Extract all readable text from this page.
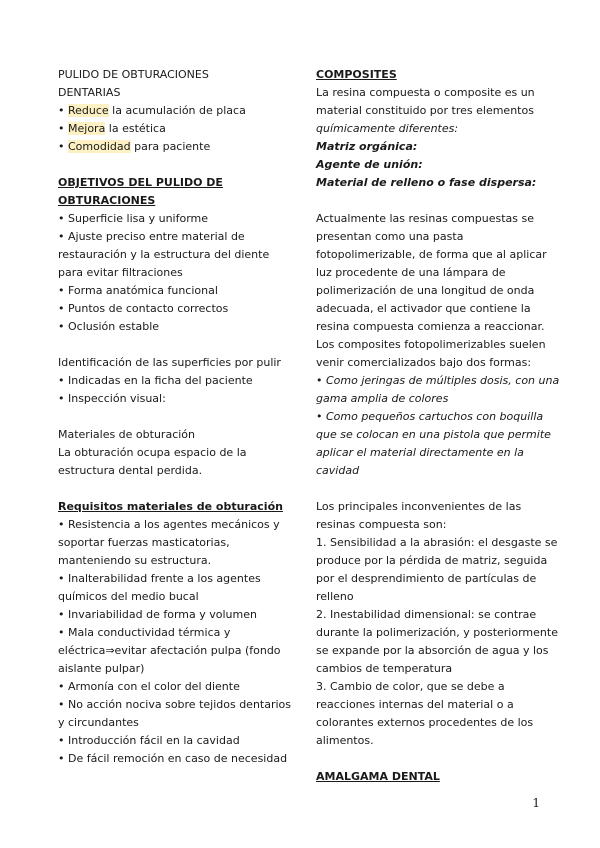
PULIDO DE OBTURACIONES
DENTARIAS
• Reduce la acumulación de placa
• Mejora la estética
• Comodidad para paciente
OBJETIVOS DEL PULIDO DE
OBTURACIONES
• Superficie lisa y uniforme
• Ajuste preciso entre material de
restauración y la estructura del diente
para evitar filtraciones
• Forma anatómica funcional
• Puntos de contacto correctos
• Oclusión estable
Identificación de las superficies por pulir
• Indicadas en la ficha del paciente
• Inspección visual:
Materiales de obturación
La obturación ocupa espacio de la
estructura dental perdida.
Requisitos materiales de obturación
• Resistencia a los agentes mecánicos y
soportar fuerzas masticatorias,
manteniendo su estructura.
• Inalterabilidad frente a los agentes
químicos del medio bucal
• Invariabilidad de forma y volumen
• Mala conductividad térmica y
eléctrica⇒evitar afectación pulpa (fondo
aislante pulpar)
• Armonía con el color del diente
• No acción nociva sobre tejidos dentarios
y circundantes
• Introducción fácil en la cavidad
• De fácil remoción en caso de necesidad
COMPOSITES
La resina compuesta o composite es un
material constituido por tres elementos
químicamente diferentes:
Matriz orgánica:
Agente de unión:
Material de relleno o fase dispersa:
Actualmente las resinas compuestas se
presentan como una pasta
fotopolimerizable, de forma que al aplicar
luz procedente de una lámpara de
polimerización de una longitud de onda
adecuada, el activador que contiene la
resina compuesta comienza a reaccionar.
Los composites fotopolimerizables suelen
venir comercializados bajo dos formas:
• Como jeringas de múltiples dosis, con una
gama amplia de colores
• Como pequeños cartuchos con boquilla
que se colocan en una pistola que permite
aplicar el material directamente en la
cavidad
Los principales inconvenientes de las
resinas compuesta son:
1. Sensibilidad a la abrasión: el desgaste se
produce por la pérdida de matriz, seguida
por el desprendimiento de partículas de
relleno
2. Inestabilidad dimensional: se contrae
durante la polimerización, y posteriormente
se expande por la absorción de agua y los
cambios de temperatura
3. Cambio de color, que se debe a
reacciones internas del material o a
colorantes externos procedentes de los
alimentos.
AMALGAMA DENTAL
1
